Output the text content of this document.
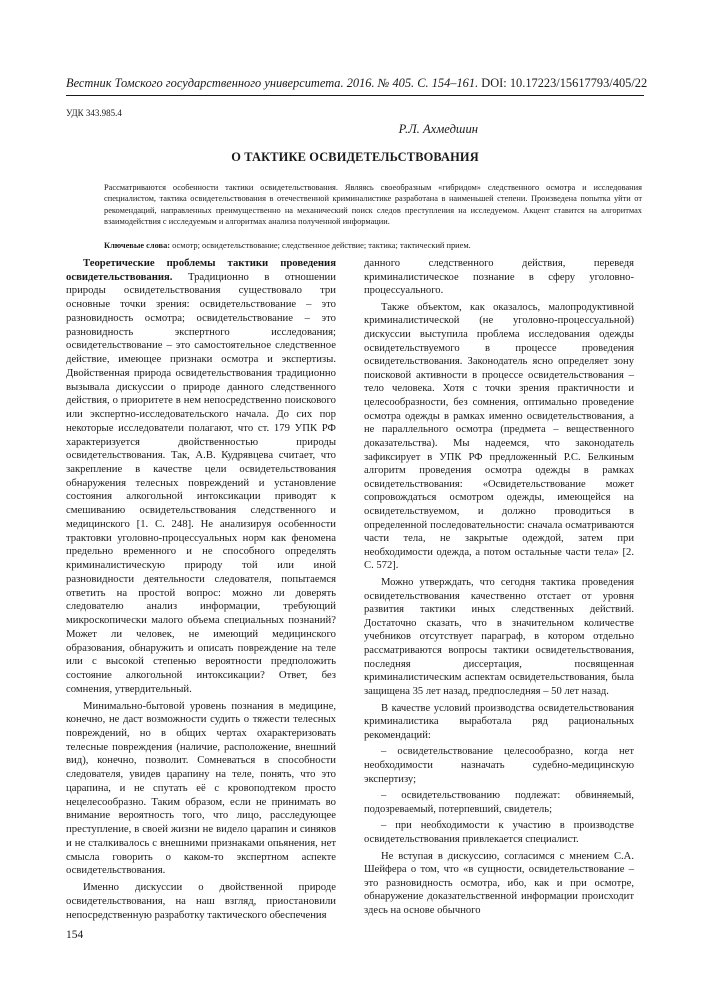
Вестник Томского государственного университета. 2016. № 405. С. 154–161. DOI: 10.17223/15617793/405/22
УДК 343.985.4
Р.Л. Ахмедшин
О ТАКТИКЕ ОСВИДЕТЕЛЬСТВОВАНИЯ
Рассматриваются особенности тактики освидетельствования. Являясь своеобразным «гибридом» следственного осмотра и исследования специалистом, тактика освидетельствования в отечественной криминалистике разработана в наименьшей степени. Произведена попытка уйти от рекомендаций, направленных преимущественно на механический поиск следов преступления на исследуемом. Акцент ставится на алгоритмах взаимодействия с исследуемым и алгоритмах анализа полученной информации.
Ключевые слова: осмотр; освидетельствование; следственное действие; тактика; тактический прием.

Теоретические проблемы тактики проведения освидетельствования. Традиционно в отношении природы освидетельствования существовало три основные точки зрения: освидетельствование – это разновидность осмотра; освидетельствование – это разновидность экспертного исследования; освидетельствование – это самостоятельное следственное действие, имеющее признаки осмотра и экспертизы. Двойственная природа освидетельствования традиционно вызывала дискуссии о природе данного следственного действия, о приоритете в нем непосредственно поискового или экспертно-исследовательского начала. До сих пор некоторые исследователи полагают, что ст. 179 УПК РФ характеризуется двойственностью природы освидетельствования. Так, А.В. Кудрявцева считает, что закрепление в качестве цели освидетельствования обнаружения телесных повреждений и установление состояния алкогольной интоксикации приводят к смешиванию освидетельствования следственного и медицинского [1. С. 248]. Не анализируя особенности трактовки уголовно-процессуальных норм как феномена предельно временного и не способного определять криминалистическую природу той или иной разновидности деятельности следователя, попытаемся ответить на простой вопрос: можно ли доверять следователю анализ информации, требующий микроскопически малого объема специальных познаний? Может ли человек, не имеющий медицинского образования, обнаружить и описать повреждение на теле или с высокой степенью вероятности предположить состояние алкогольной интоксикации? Ответ, без сомнения, утвердительный.

Минимально-бытовой уровень познания в медицине, конечно, не даст возможности судить о тяжести телесных повреждений, но в общих чертах охарактеризовать телесные повреждения (наличие, расположение, внешний вид), конечно, позволит. Сомневаться в способности следователя, увидев царапину на теле, понять, что это царапина, и не спутать её с кровоподтеком просто нецелесообразно. Таким образом, если не принимать во внимание вероятность того, что лицо, расследующее преступление, в своей жизни не видело царапин и синяков и не сталкивалось с внешними признаками опьянения, нет смысла говорить о каком-то экспертном аспекте освидетельствования.

Именно дискуссии о двойственной природе освидетельствования, на наш взгляд, приостановили непосредственную разработку тактического обеспечения

данного следственного действия, переведя криминалистическое познание в сферу уголовно-процессуального.

Также объектом, как оказалось, малопродуктивной криминалистической (не уголовно-процессуальной) дискуссии выступила проблема исследования одежды освидетельствуемого в процессе проведения освидетельствования. Законодатель ясно определяет зону поисковой активности в процессе освидетельствования – тело человека. Хотя с точки зрения практичности и целесообразности, без сомнения, оптимально проведение осмотра одежды в рамках именно освидетельствования, а не параллельного осмотра (предмета – вещественного доказательства). Мы надеемся, что законодатель зафиксирует в УПК РФ предложенный Р.С. Белкиным алгоритм проведения осмотра одежды в рамках освидетельствования: «Освидетельствование может сопровождаться осмотром одежды, имеющейся на освидетельствуемом, и должно проводиться в определенной последовательности: сначала осматриваются части тела, не закрытые одеждой, затем при необходимости одежда, а потом остальные части тела» [2. С. 572].

Можно утверждать, что сегодня тактика проведения освидетельствования качественно отстает от уровня развития тактики иных следственных действий. Достаточно сказать, что в значительном количестве учебников отсутствует параграф, в котором отдельно рассматриваются вопросы тактики освидетельствования, последняя диссертация, посвященная криминалистическим аспектам освидетельствования, была защищена 35 лет назад, предпоследняя – 50 лет назад.

В качестве условий производства освидетельствования криминалистика выработала ряд рациональных рекомендаций:

– освидетельствование целесообразно, когда нет необходимости назначать судебно-медицинскую экспертизу;

– освидетельствованию подлежат: обвиняемый, подозреваемый, потерпевший, свидетель;

– при необходимости к участию в производстве освидетельствования привлекается специалист.

Не вступая в дискуссию, согласимся с мнением С.А. Шейфера о том, что «в сущности, освидетельствование – это разновидность осмотра, ибо, как и при осмотре, обнаружение доказательственной информации происходит здесь на основе обычного

154
